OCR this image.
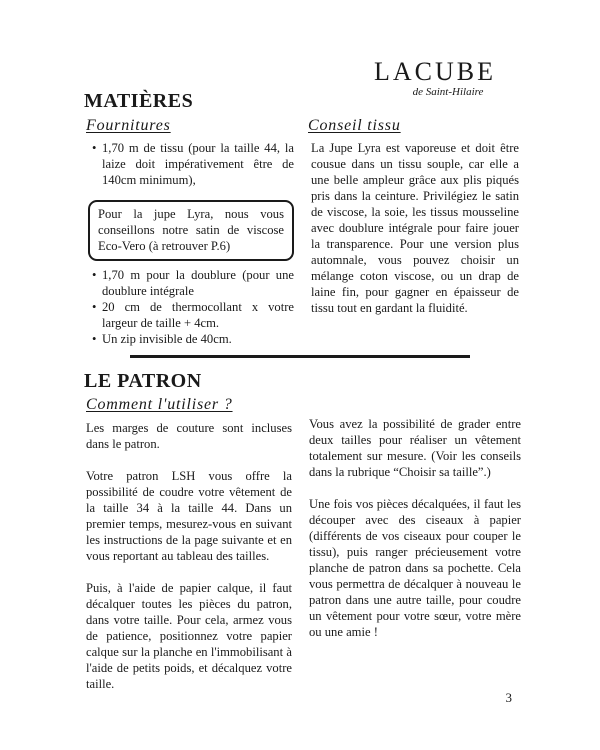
LACUBE
de Saint-Hilaire
MATIÈRES
Fournitures	Conseil tissu
• 1,70 m de tissu (pour la taille 44, la laize doit impérativement être de 140cm minimum),
Pour la jupe Lyra, nous vous conseillons notre satin de viscose Eco-Vero (à retrouver P.6)
• 1,70 m pour la doublure (pour une doublure intégrale
• 20 cm de thermocollant x votre largeur de taille + 4cm.
• Un zip invisible de 40cm.
La Jupe Lyra est vaporeuse et doit être cousue dans un tissu souple, car elle a une belle ampleur grâce aux plis piqués pris dans la ceinture. Privilégiez le satin de viscose, la soie, les tissus mousseline avec doublure intégrale pour faire jouer la transparence. Pour une version plus automnale, vous pouvez choisir un mélange coton viscose, ou un drap de laine fin, pour gagner en épaisseur de tissu tout en gardant la fluidité.
LE PATRON
Comment l'utiliser ?

Les marges de couture sont incluses dans le patron.

Votre patron LSH vous offre la possibilité de coudre votre vêtement de la taille 34 à la taille 44. Dans un premier temps, mesurez-vous en suivant les instructions de la page suivante et en vous reportant au tableau des tailles.

Puis, à l'aide de papier calque, il faut décalquer toutes les pièces du patron, dans votre taille. Pour cela, armez vous de patience, positionnez votre papier calque sur la planche en l'immobilisant à l'aide de petits poids, et décalquez votre taille.

Vous avez la possibilité de grader entre deux tailles pour réaliser un vêtement totalement sur mesure. (Voir les conseils dans la rubrique “Choisir sa taille”.)

Une fois vos pièces décalquées, il faut les découper avec des ciseaux à papier (différents de vos ciseaux pour couper le tissu), puis ranger précieusement votre planche de patron dans sa pochette. Cela vous permettra de décalquer à nouveau le patron dans une autre taille, pour coudre un vêtement pour votre sœur, votre mère ou une amie !

3
